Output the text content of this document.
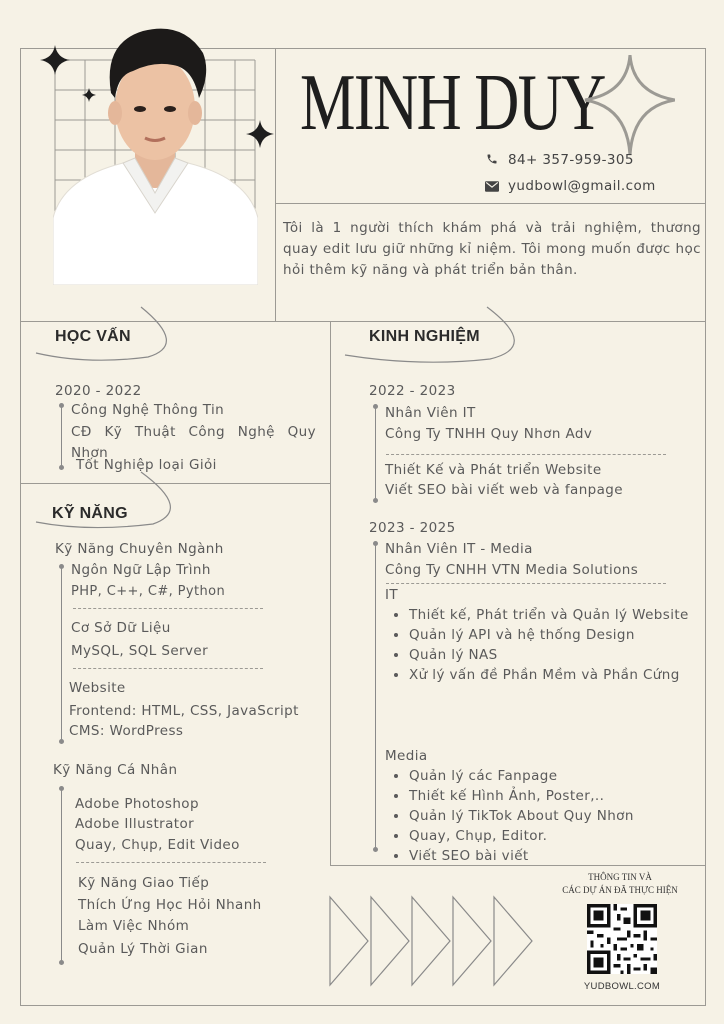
MINH DUY
84+ 357-959-305
yudbowl@gmail.com
Tôi là 1 người thích khám phá và trải nghiệm, thương quay edit lưu giữ những kỉ niệm. Tôi mong muốn được học hỏi thêm kỹ năng và phát triển bản thân.
HỌC VẤN
2020 - 2022
Công Nghệ Thông Tin
CĐ Kỹ Thuật Công Nghệ Quy Nhơn
Tốt Nghiệp loại Giỏi
KỸ NĂNG
Kỹ Năng Chuyên Ngành
Ngôn Ngữ Lập Trình
PHP, C++, C#, Python
Cơ Sở Dữ Liệu
MySQL, SQL Server
Website
Frontend: HTML, CSS, JavaScript
CMS: WordPress
Kỹ Năng Cá Nhân
Adobe Photoshop
Adobe Illustrator
Quay, Chụp, Edit Video
Kỹ Năng Giao Tiếp
Thích Ứng Học Hỏi Nhanh
Làm Việc Nhóm
Quản Lý Thời Gian
KINH NGHIỆM
2022 - 2023
Nhân Viên IT
Công Ty TNHH Quy Nhơn Adv
Thiết Kế và Phát triển Website
Viết SEO bài viết web và fanpage
2023 - 2025
Nhân Viên IT - Media
Công Ty CNHH VTN Media Solutions
IT
• Thiết kế, Phát triển và Quản lý Website
• Quản lý API và hệ thống Design
• Quản lý NAS
• Xử lý vấn đề Phần Mềm và Phần Cứng
Media
• Quản lý các Fanpage
• Thiết kế Hình Ảnh, Poster,..
• Quản lý TikTok About Quy Nhơn
• Quay, Chụp, Editor.
• Viết SEO bài viết
THÔNG TIN VÀ
CÁC DỰ ÁN ĐÃ THỰC HIỆN
YUDBOWL.COM
